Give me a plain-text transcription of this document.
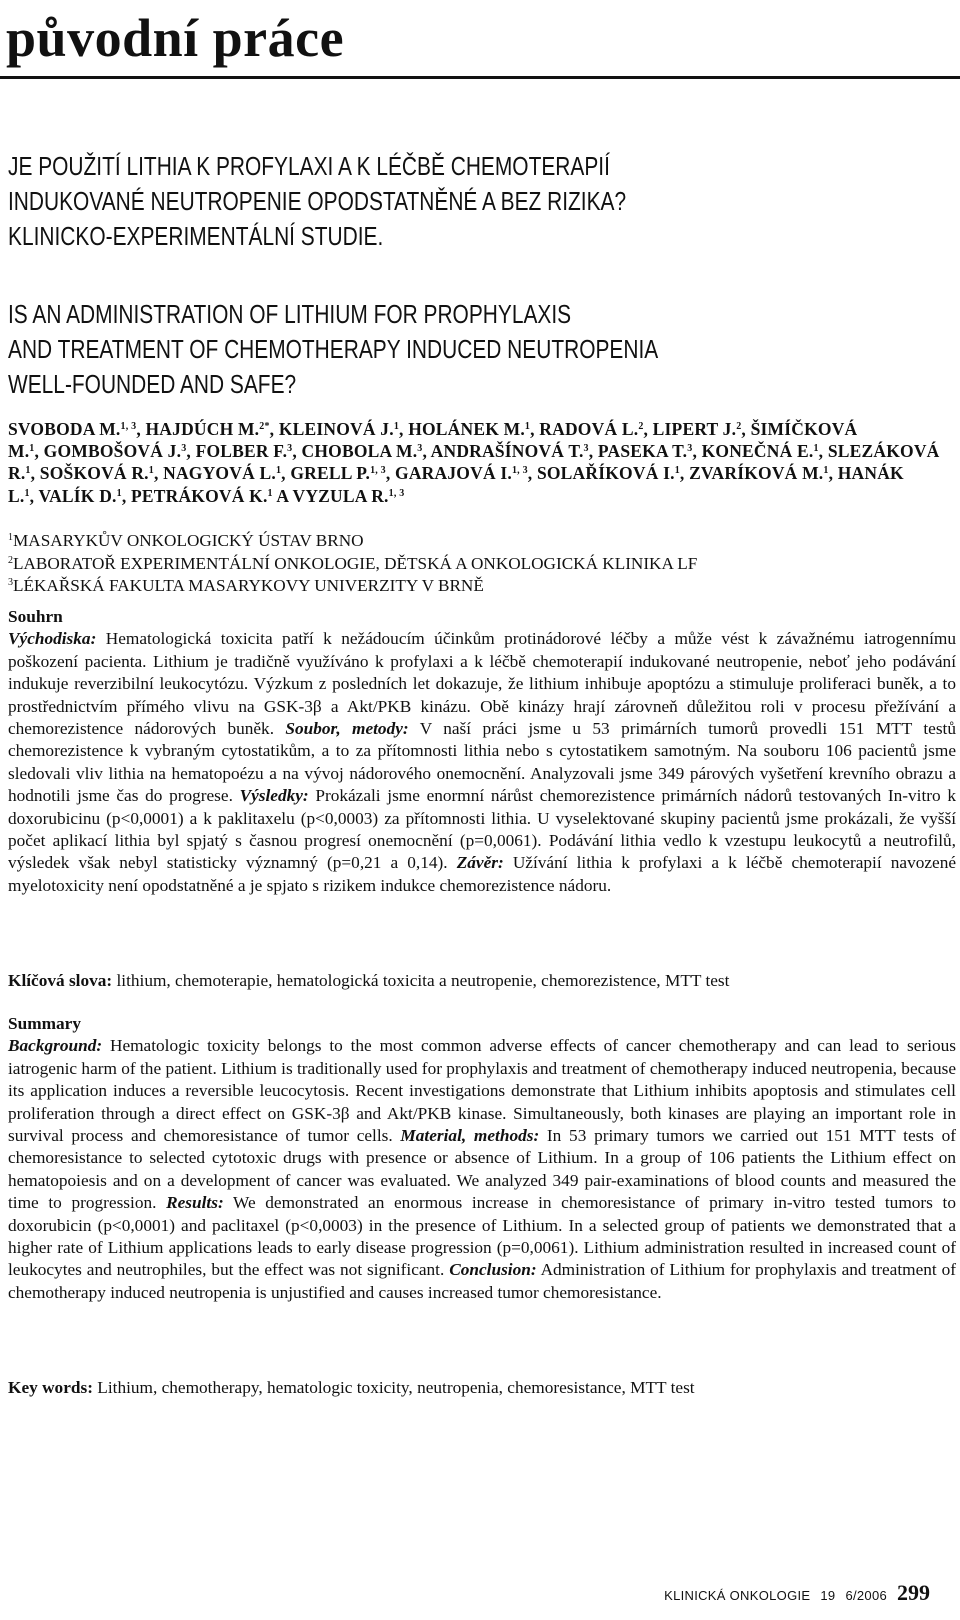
původní práce
JE POUŽITÍ LITHIA K PROFYLAXI A K LÉČBĚ CHEMOTERAPIÍ
INDUKOVANÉ NEUTROPENIE OPODSTATNĚNÉ A BEZ RIZIKA?
KLINICKO-EXPERIMENTÁLNÍ STUDIE.
IS AN ADMINISTRATION OF LITHIUM FOR PROPHYLAXIS
AND TREATMENT OF CHEMOTHERAPY INDUCED NEUTROPENIA
WELL-FOUNDED AND SAFE?
SVOBODA M.$^{1, 3}$, HAJDÚCH M.$^{2*}$, KLEINOVÁ J.$^1$, HOLÁNEK M.$^1$, RADOVÁ L.$^2$, LIPERT J.$^2$, ŠIMÍČKOVÁ M.$^1$, GOMBOŠOVÁ J.$^3$, FOLBER F.$^3$, CHOBOLA M.$^3$, ANDRAŠÍNOVÁ T.$^3$, PASEKA T.$^3$, KONEČNÁ E.$^1$, SLEZÁKOVÁ R.$^1$, SOŠKOVÁ R.$^1$, NAGYOVÁ L.$^1$, GRELL P.$^{1, 3}$, GARAJOVÁ I.$^{1, 3}$, SOLAŘÍKOVÁ I.$^1$, ZVARÍKOVÁ M.$^1$, HANÁK L.$^1$, VALÍK D.$^1$, PETRÁKOVÁ K.$^1$ A VYZULA R.$^{1, 3}$
$^1$MASARYKŮV ONKOLOGICKÝ ÚSTAV BRNO
$^2$LABORATOŘ EXPERIMENTÁLNÍ ONKOLOGIE, DĚTSKÁ A ONKOLOGICKÁ KLINIKA LF
$^3$LÉKAŘSKÁ FAKULTA MASARYKOVY UNIVERZITY V BRNĚ
Souhrn
Východiska: Hematologická toxicita patří k nežádoucím účinkům protinádorové léčby a může vést k závažnému iatrogennímu poškození pacienta. Lithium je tradičně využíváno k profylaxi a k léčbě chemoterapií indukované neutropenie, neboť jeho podávání indukuje reverzibilní leukocytózu. Výzkum z posledních let dokazuje, že lithium inhibuje apoptózu a stimuluje proliferaci buněk, a to prostřednictvím přímého vlivu na GSK-3β a Akt/PKB kinázu. Obě kinázy hrají zárovneň důležitou roli v procesu přežívání a chemorezistence nádorových buněk. Soubor, metody: V naší práci jsme u 53 primárních tumorů provedli 151 MTT testů chemorezistence k vybraným cytostatikům, a to za přítomnosti lithia nebo s cytostatikem samotným. Na souboru 106 pacientů jsme sledovali vliv lithia na hematopoézu a na vývoj nádorového onemocnění. Analyzovali jsme 349 párových vyšetření krevního obrazu a hodnotili jsme čas do progrese. Výsledky: Prokázali jsme enormní nárůst chemorezistence primárních nádorů testovaných In-vitro k doxorubicinu (p<0,0001) a k paklitaxelu (p<0,0003) za přítomnosti lithia. U vyselektované skupiny pacientů jsme prokázali, že vyšší počet aplikací lithia byl spjatý s časnou progresí onemocnění (p=0,0061). Podávání lithia vedlo k vzestupu leukocytů a neutrofilů, výsledek však nebyl statisticky významný (p=0,21 a 0,14). Závěr: Užívání lithia k profylaxi a k léčbě chemoterapií navozené myelotoxicity není opodstatněné a je spjato s rizikem indukce chemorezistence nádoru.
Klíčová slova: lithium, chemoterapie, hematologická toxicita a neutropenie, chemorezistence, MTT test
Summary
Background: Hematologic toxicity belongs to the most common adverse effects of cancer chemotherapy and can lead to serious iatrogenic harm of the patient. Lithium is traditionally used for prophylaxis and treatment of chemotherapy induced neutropenia, because its application induces a reversible leucocytosis. Recent investigations demonstrate that Lithium inhibits apoptosis and stimulates cell proliferation through a direct effect on GSK-3β and Akt/PKB kinase. Simultaneously, both kinases are playing an important role in survival process and chemoresistance of tumor cells. Material, methods: In 53 primary tumors we carried out 151 MTT tests of chemoresistance to selected cytotoxic drugs with presence or absence of Lithium. In a group of 106 patients the Lithium effect on hematopoiesis and on a development of cancer was evaluated. We analyzed 349 pair-examinations of blood counts and measured the time to progression. Results: We demonstrated an enormous increase in chemoresistance of primary in-vitro tested tumors to doxorubicin (p<0,0001) and paclitaxel (p<0,0003) in the presence of Lithium. In a selected group of patients we demonstrated that a higher rate of Lithium applications leads to early disease progression (p=0,0061). Lithium administration resulted in increased count of leukocytes and neutrophiles, but the effect was not significant. Conclusion: Administration of Lithium for prophylaxis and treatment of chemotherapy induced neutropenia is unjustified and causes increased tumor chemoresistance.
Key words: Lithium, chemotherapy, hematologic toxicity, neutropenia, chemoresistance, MTT test
KLINICKÁ ONKOLOGIE 19 6/2006 299
